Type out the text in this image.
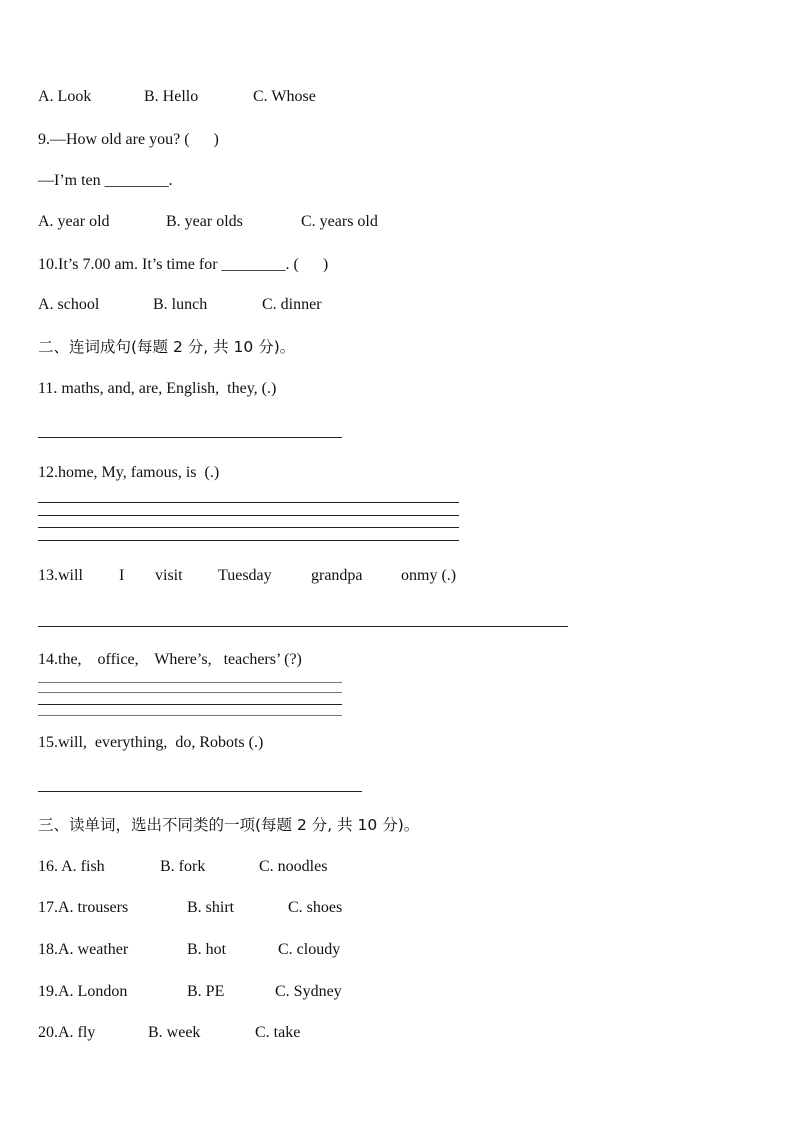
A. Look	B. Hello	C. Whose
9.—How old are you? (      )
—I’m ten ________.
A. year old	B. year olds	C. years old
10.It’s 7.00 am. It’s time for ________. (      )
A. school	B. lunch	C. dinner
二、连词成句(每题 2 分, 共 10 分)。
11. maths, and, are, English,  they, (.)
12.home, My, famous, is  (.)
13.will I visit Tuesday grandpa onmy (.)
14.the,    office,    Where’s,   teachers’ (?)
15.will,  everything,  do, Robots (.)
三、读单词，选出不同类的一项(每题 2 分, 共 10 分)。
16. A. fish	B. fork	C. noodles
17.A. trousers	B. shirt	C. shoes
18.A. weather	B. hot	C. cloudy
19.A. London	B. PE	C. Sydney
20.A. fly	B. week	C. take
